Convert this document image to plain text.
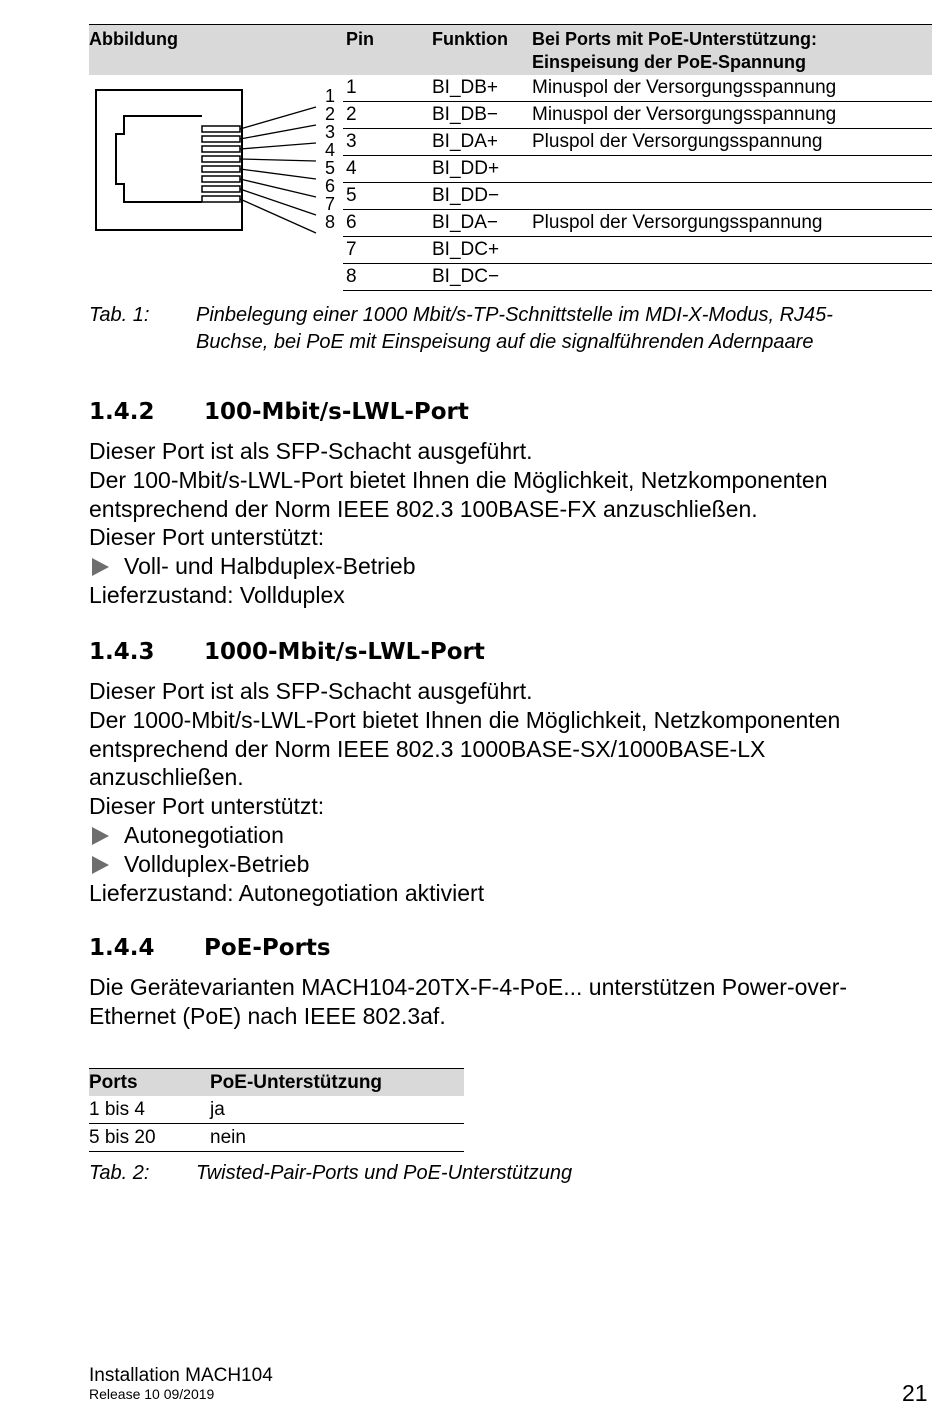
Abbildung	Pin	Funktion Bei Ports mit PoE-Unterstützung:
Einspeisung der PoE-Spannung
1
2
3
4
5
6
7
8
1	BI_DB+ Minuspol der Versorgungsspannung
2	BI_DB− Minuspol der Versorgungsspannung
3	BI_DA+ Pluspol der Versorgungsspannung
4	BI_DD+
5	BI_DD−
6	BI_DA− Pluspol der Versorgungsspannung
7	BI_DC+
8	BI_DC−
Tab. 1: Pinbelegung einer 1000 Mbit/s-TP-Schnittstelle im MDI-X-Modus, RJ45-
Buchse, bei PoE mit Einspeisung auf die signalführenden Adernpaare
1.4.2 100-Mbit/s-LWL-Port

Dieser Port ist als SFP-Schacht ausgeführt.

Der 100-Mbit/s-LWL-Port bietet Ihnen die Möglichkeit, Netzkomponenten entsprechend der Norm IEEE 802.3 100BASE-FX anzuschließen.

Dieser Port unterstützt:

Voll- und Halbduplex-Betrieb

Lieferzustand: Vollduplex

1.4.3 1000-Mbit/s-LWL-Port

Dieser Port ist als SFP-Schacht ausgeführt.

Der 1000-Mbit/s-LWL-Port bietet Ihnen die Möglichkeit, Netzkomponenten entsprechend der Norm IEEE 802.3 1000BASE-SX/1000BASE-LX anzuschließen.

Dieser Port unterstützt:

Autonegotiation

Vollduplex-Betrieb

Lieferzustand: Autonegotiation aktiviert

1.4.4 PoE-Ports

Die Gerätevarianten MACH104-20TX-F-4-PoE... unterstützen Power-over-Ethernet (PoE) nach IEEE 802.3af.

Ports	PoE-Unterstützung
1 bis 4	ja
5 bis 20	nein
Tab. 2: Twisted-Pair-Ports und PoE-Unterstützung
Installation MACH104
Release 10 09/2019	21
